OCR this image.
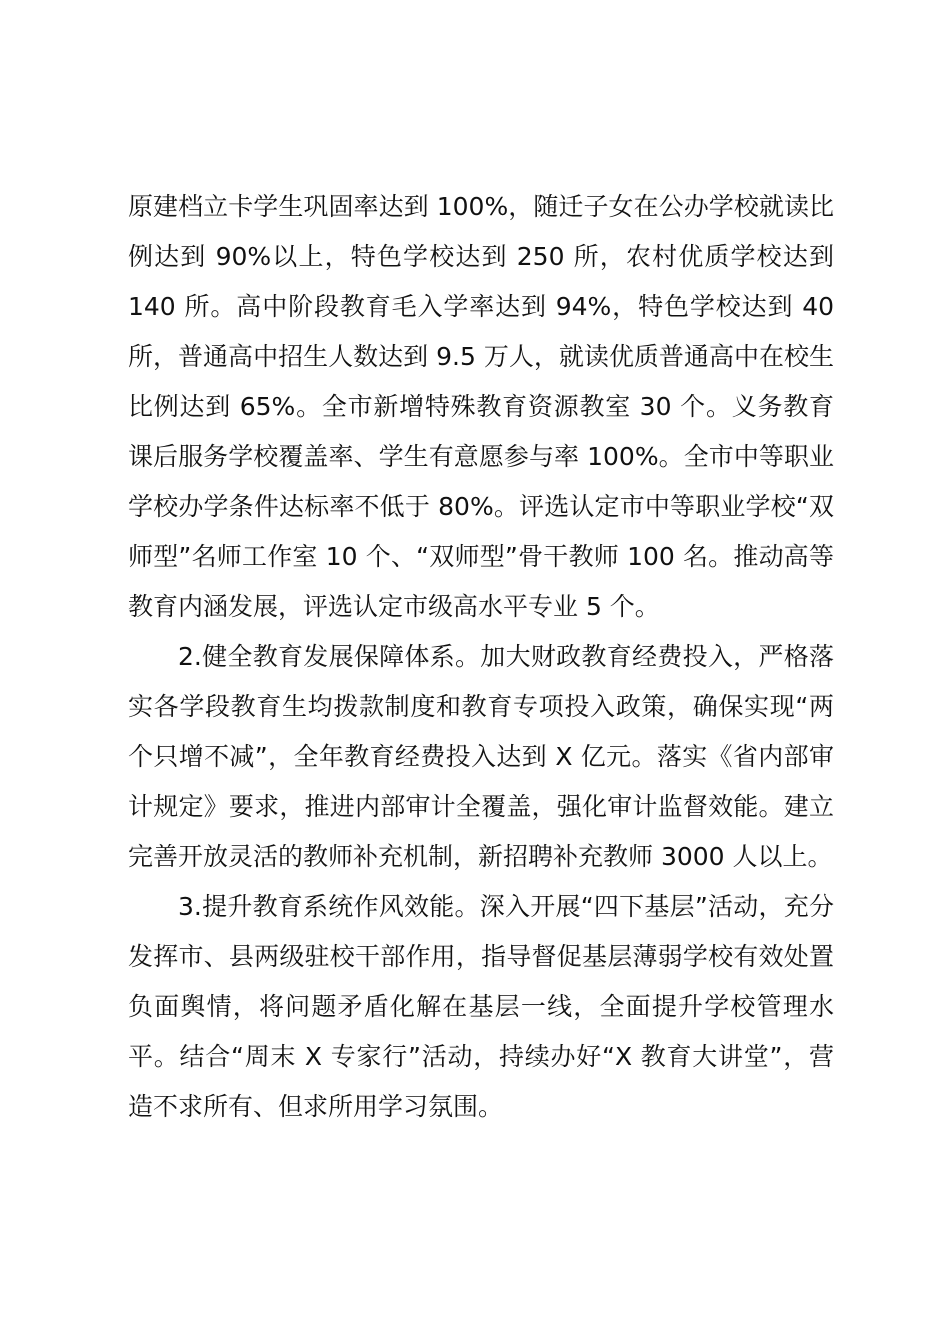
原建档立卡学生巩固率达到 100%，随迁子女在公办学校就读比例达到 90%以上，特色学校达到 250 所，农村优质学校达到 140 所。高中阶段教育毛入学率达到 94%，特色学校达到 40 所，普通高中招生人数达到 9.5 万人，就读优质普通高中在校生比例达到 65%。全市新增特殊教育资源教室 30 个。义务教育课后服务学校覆盖率、学生有意愿参与率 100%。全市中等职业学校办学条件达标率不低于 80%。评选认定市中等职业学校“双师型”名师工作室 10 个、“双师型”骨干教师 100 名。推动高等教育内涵发展，评选认定市级高水平专业 5 个。

2.健全教育发展保障体系。加大财政教育经费投入，严格落实各学段教育生均拨款制度和教育专项投入政策，确保实现“两个只增不减”，全年教育经费投入达到 X 亿元。落实《省内部审计规定》要求，推进内部审计全覆盖，强化审计监督效能。建立完善开放灵活的教师补充机制，新招聘补充教师 3000 人以上。

3.提升教育系统作风效能。深入开展“四下基层”活动，充分发挥市、县两级驻校干部作用，指导督促基层薄弱学校有效处置负面舆情，将问题矛盾化解在基层一线，全面提升学校管理水平。结合“周末 X 专家行”活动，持续办好“X 教育大讲堂”，营造不求所有、但求所用学习氛围。
